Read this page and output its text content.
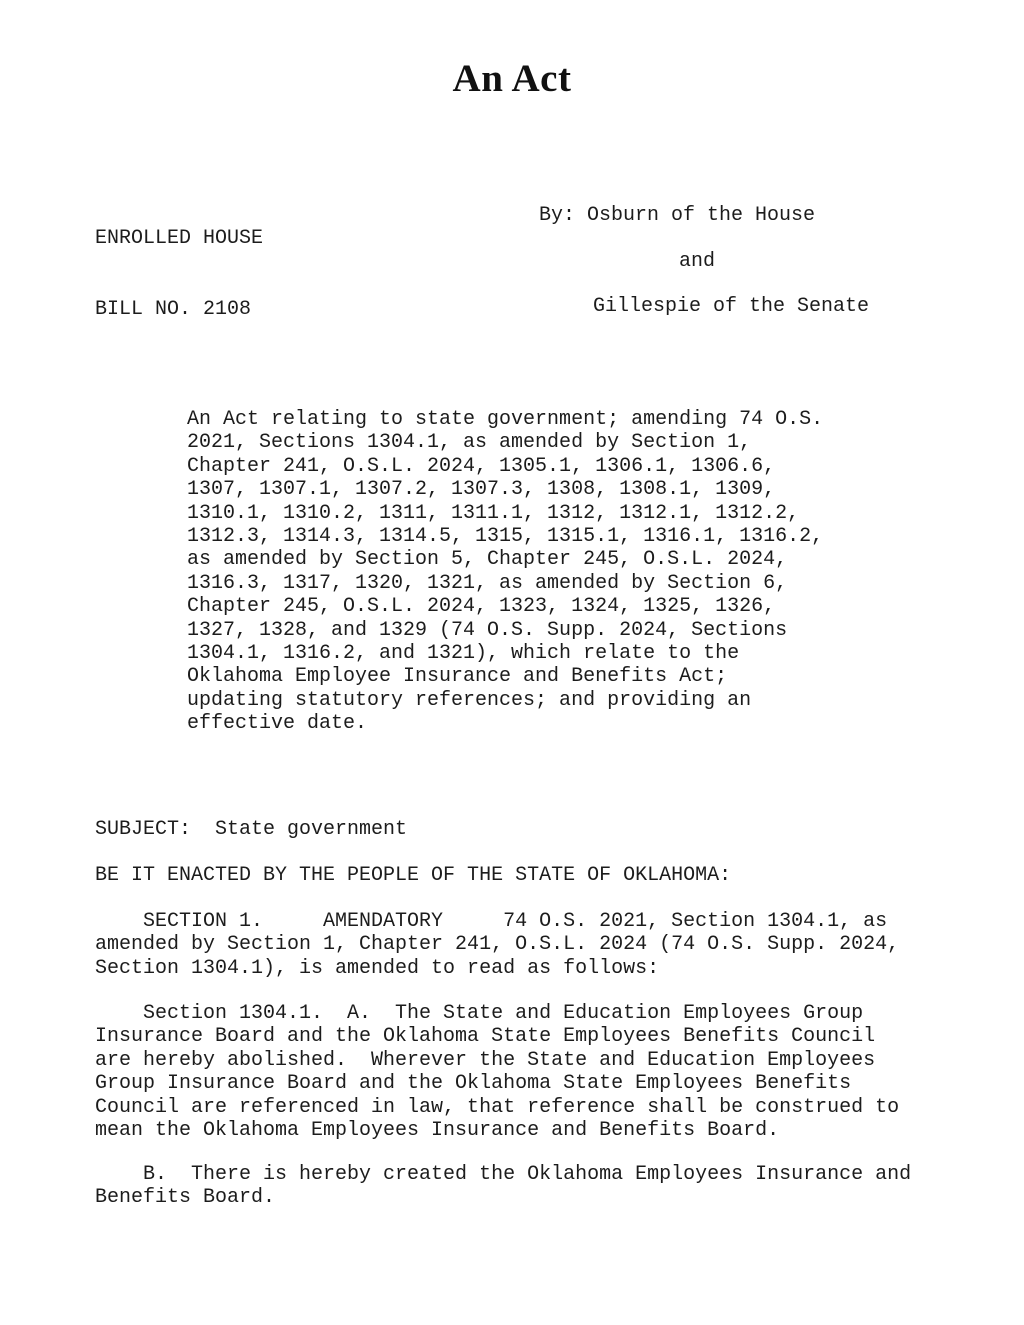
An Act

ENROLLED HOUSE

BILL NO. 2108

By: Osburn of the House
and
Gillespie of the Senate
An Act relating to state government; amending 74 O.S.
2021, Sections 1304.1, as amended by Section 1,
Chapter 241, O.S.L. 2024, 1305.1, 1306.1, 1306.6,
1307, 1307.1, 1307.2, 1307.3, 1308, 1308.1, 1309,
1310.1, 1310.2, 1311, 1311.1, 1312, 1312.1, 1312.2,
1312.3, 1314.3, 1314.5, 1315, 1315.1, 1316.1, 1316.2,
as amended by Section 5, Chapter 245, O.S.L. 2024,
1316.3, 1317, 1320, 1321, as amended by Section 6,
Chapter 245, O.S.L. 2024, 1323, 1324, 1325, 1326,
1327, 1328, and 1329 (74 O.S. Supp. 2024, Sections
1304.1, 1316.2, and 1321), which relate to the
Oklahoma Employee Insurance and Benefits Act;
updating statutory references; and providing an
effective date.
SUBJECT:  State government
BE IT ENACTED BY THE PEOPLE OF THE STATE OF OKLAHOMA:
SECTION 1.     AMENDATORY     74 O.S. 2021, Section 1304.1, as
amended by Section 1, Chapter 241, O.S.L. 2024 (74 O.S. Supp. 2024,
Section 1304.1), is amended to read as follows:
Section 1304.1.  A.  The State and Education Employees Group
Insurance Board and the Oklahoma State Employees Benefits Council
are hereby abolished.  Wherever the State and Education Employees
Group Insurance Board and the Oklahoma State Employees Benefits
Council are referenced in law, that reference shall be construed to
mean the Oklahoma Employees Insurance and Benefits Board.
B.  There is hereby created the Oklahoma Employees Insurance and
Benefits Board.
